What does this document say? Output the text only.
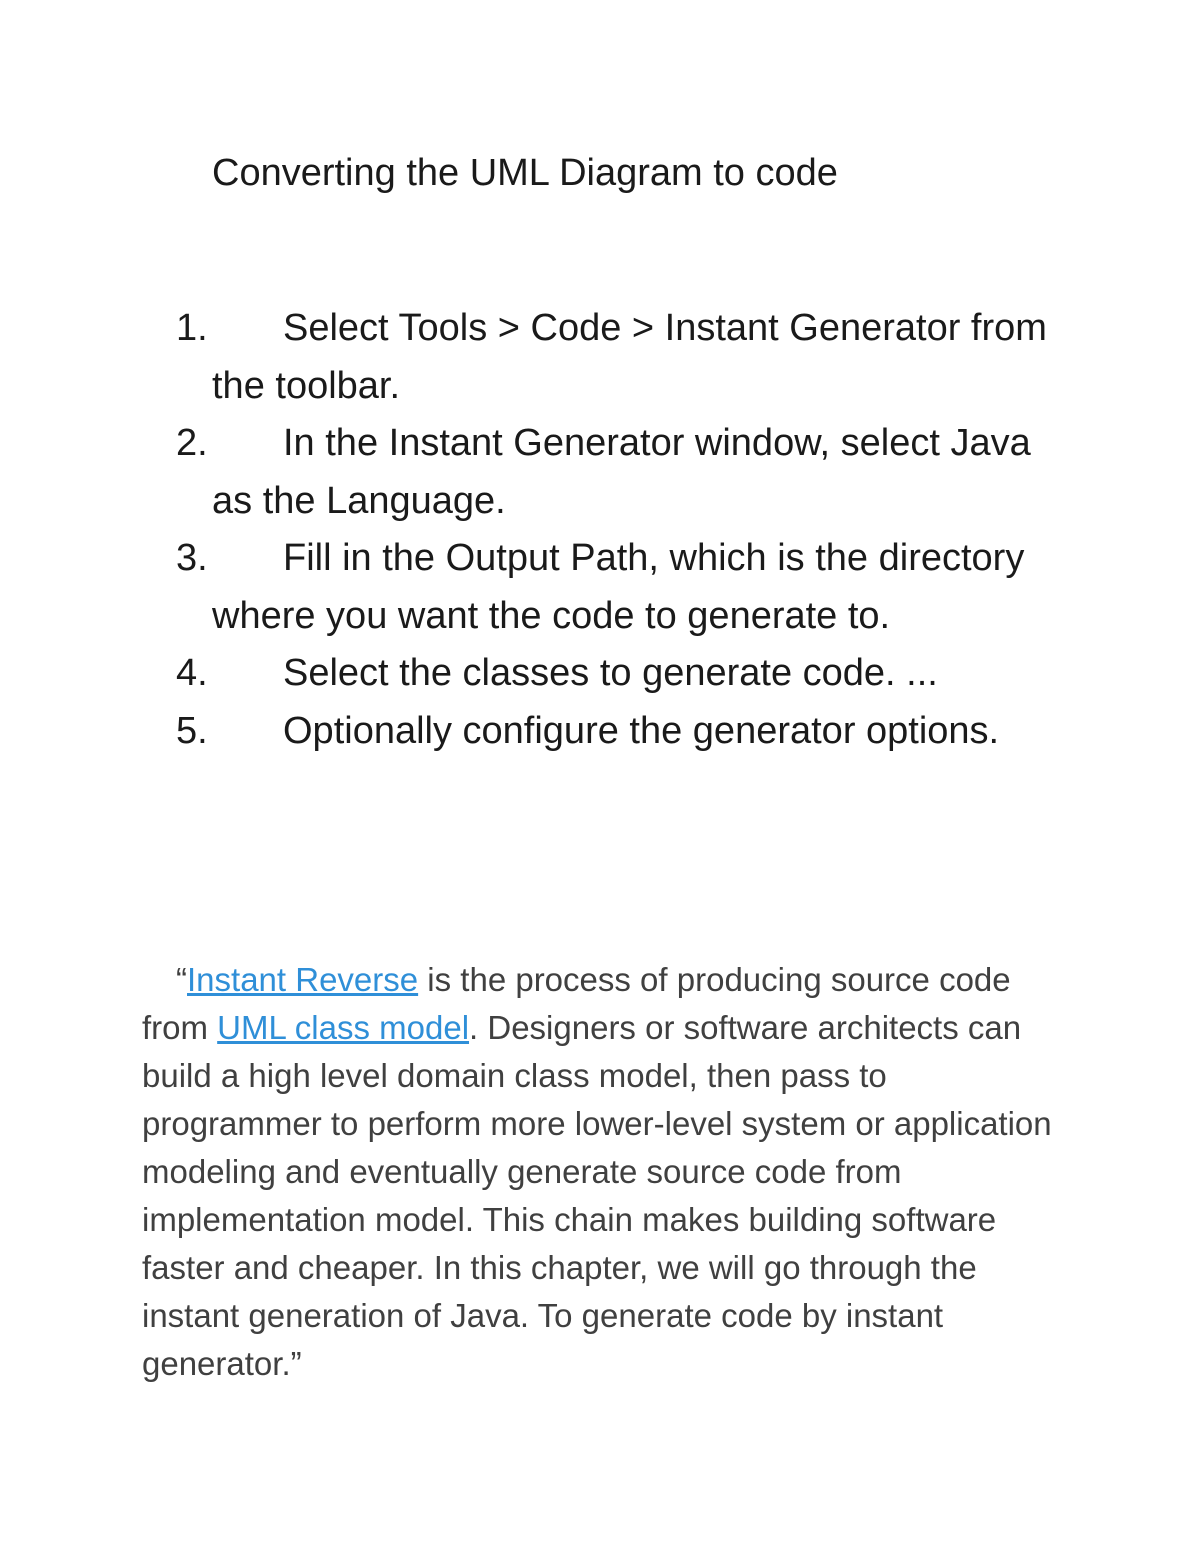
Converting the UML Diagram to code
1.	Select Tools > Code > Instant Generator from the toolbar.
2.	In the Instant Generator window, select Java as the Language.
3.	Fill in the Output Path, which is the directory where you want the code to generate to.
4.	Select the classes to generate code. ...
5.	Optionally configure the generator options.

“Instant Reverse is the process of producing source code from UML class model. Designers or software architects can build a high level domain class model, then pass to programmer to perform more lower-level system or application modeling and eventually generate source code from implementation model. This chain makes building software faster and cheaper. In this chapter, we will go through the instant generation of Java. To generate code by instant generator.”
